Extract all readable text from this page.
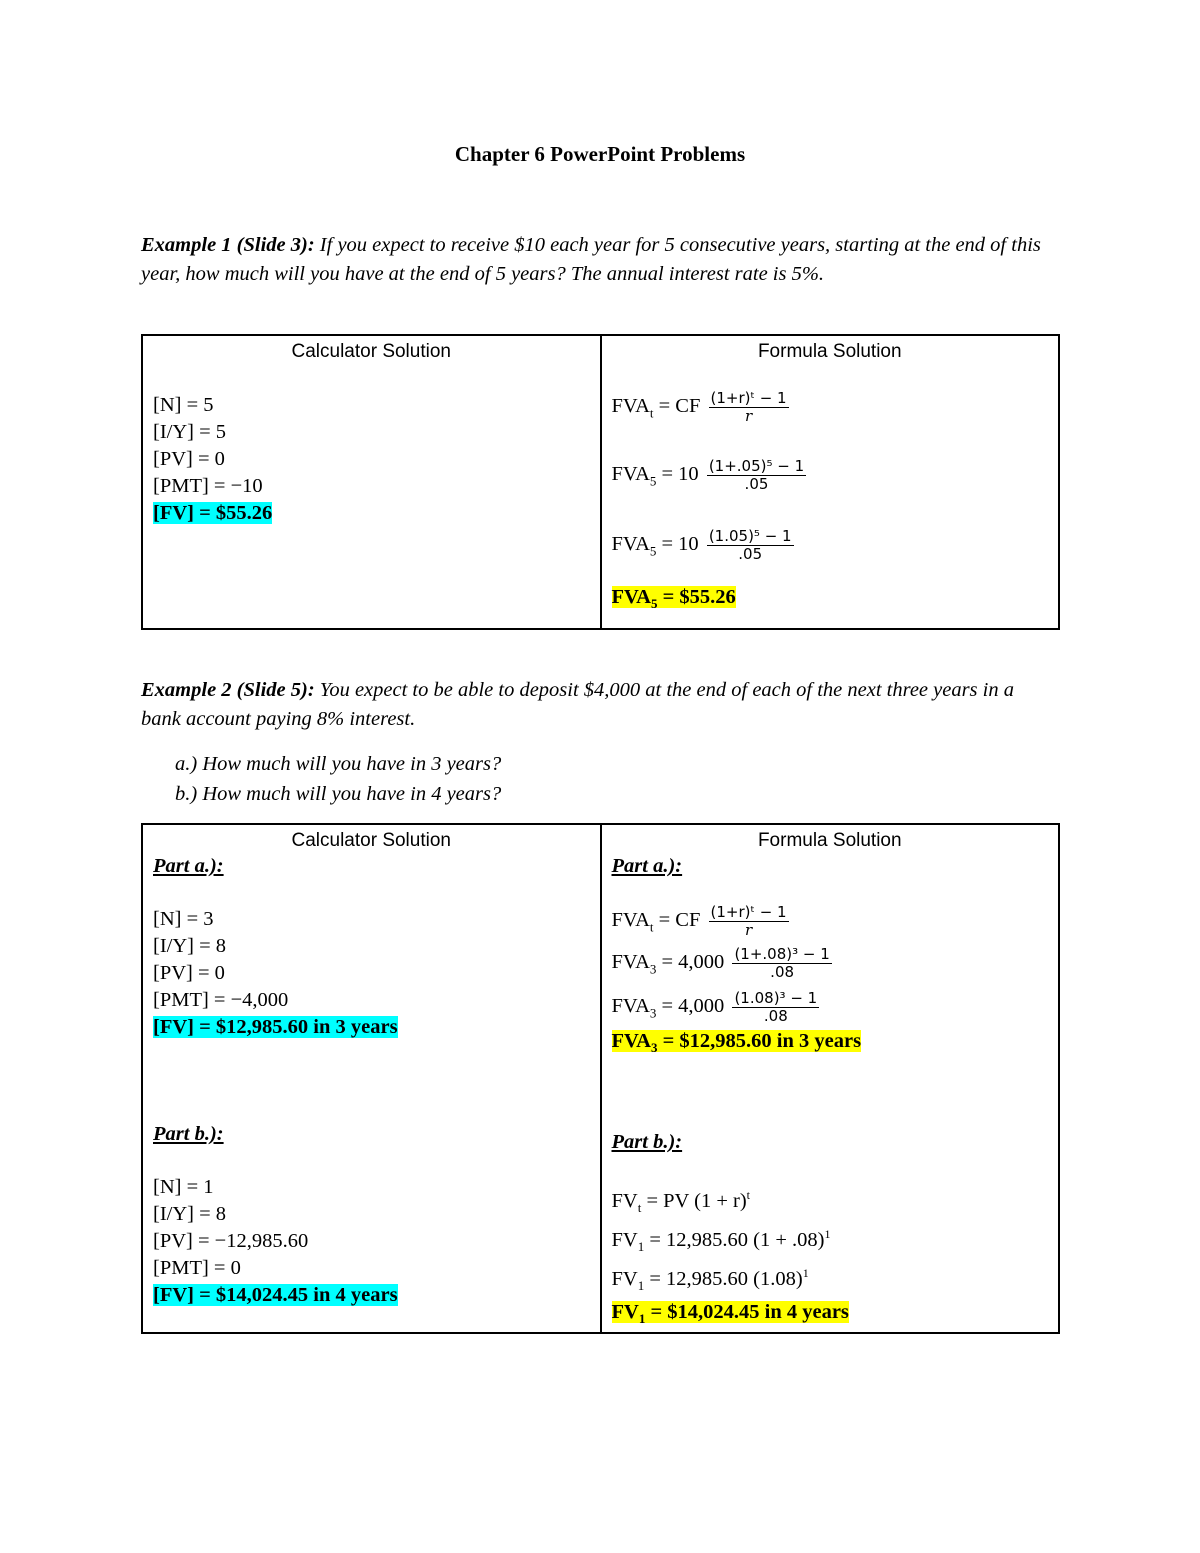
Chapter 6 PowerPoint Problems
Example 1 (Slide 3): If you expect to receive $10 each year for 5 consecutive years, starting at the end of this year, how much will you have at the end of 5 years? The annual interest rate is 5%.
Calculator Solution
[N] = 5
[I/Y] = 5
[PV] = 0
[PMT] = −10
[FV] = $55.26

Formula Solution
$FVA_t$ = CF $\frac{\text{(1+r)ᵗ − 1}}{r}$
$FVA_5 = 10 \frac{\text{(1+.05)⁵ − 1}}{.05}$
$FVA_5 = 10 \frac{\text{(1.05)⁵ − 1}}{.05}$
$FVA_5$ = $55.26
Example 2 (Slide 5): You expect to be able to deposit $4,000 at the end of each of the next three years in a bank account paying 8% interest.
a.) How much will you have in 3 years?
b.) How much will you have in 4 years?
Calculator Solution
Part a.):
[N] = 3
[I/Y] = 8
[PV] = 0
[PMT] = −4,000
[FV] = $12,985.60 in 3 years
Part b.):
[N] = 1
[I/Y] = 8
[PV] = −12,985.60
[PMT] = 0
[FV] = $14,024.45 in 4 years

Formula Solution
Part a.):
$FVA_t$ = CF $\frac{\text{(1+r)ᵗ − 1}}{r}$
$FVA_3 = 4,000 \frac{\text{(1+.08)³ − 1}}{.08}$
$FVA_3 = 4,000 \frac{\text{(1.08)³ − 1}}{.08}$
$FVA_3$ = $12,985.60 in 3 years
Part b.):
$FV_t$ = PV $(1 + r)^t$
$FV_1 = 12,985.60$ $(1 + .08)^1$
$FV_1 = 12,985.60$ $(1.08)^1$
$FV_1$ = $14,024.45 in 4 years
